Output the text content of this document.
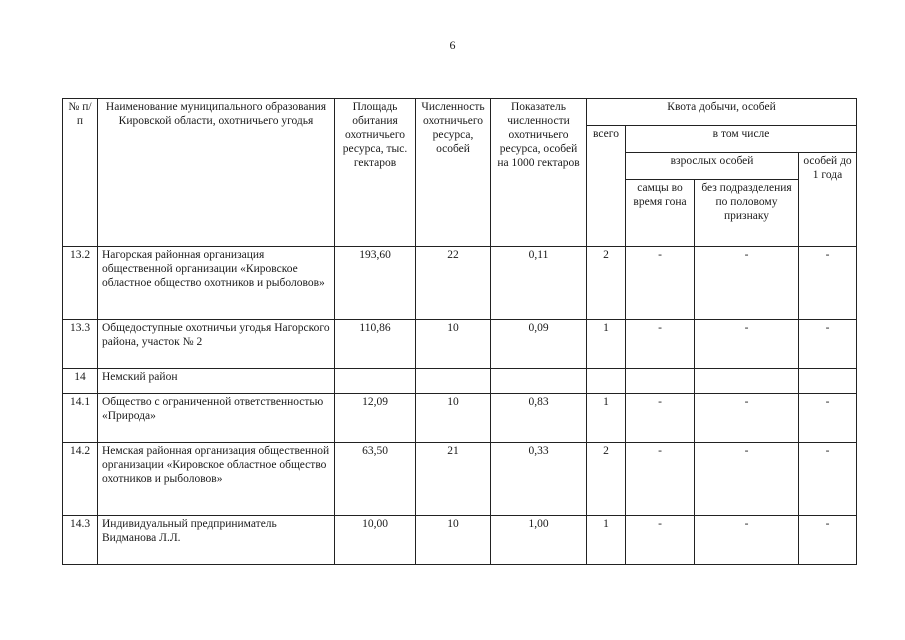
6
№ п/п	Наименование муниципального образования Кировской области, охотничьего угодья	Площадь обитания охотничьего ресурса, тыс. гектаров	Численность охотничьего ресурса, особей	Показатель численности охотничьего ресурса, особей на 1000 гектаров	Квота добычи, особей			
					всего	в том числе		
						взрослых особей		особей до 1 года
						самцы во время гона	без подразделения по половому признаку	
13.2	Нагорская районная организация общественной организации «Кировское областное общество охотников и рыболовов»	193,60	22	0,11	2	-	-	-
13.3	Общедоступные охотничьи угодья Нагорского района, участок № 2	110,86	10	0,09	1	-	-	-
14	Немский район							
14.1	Общество с ограниченной ответственностью «Природа»	12,09	10	0,83	1	-	-	-
14.2	Немская районная организация общественной организации «Кировское областное общество охотников и рыболовов»	63,50	21	0,33	2	-	-	-
14.3	Индивидуальный предприниматель Видманова Л.Л.	10,00	10	1,00	1	-	-	-
